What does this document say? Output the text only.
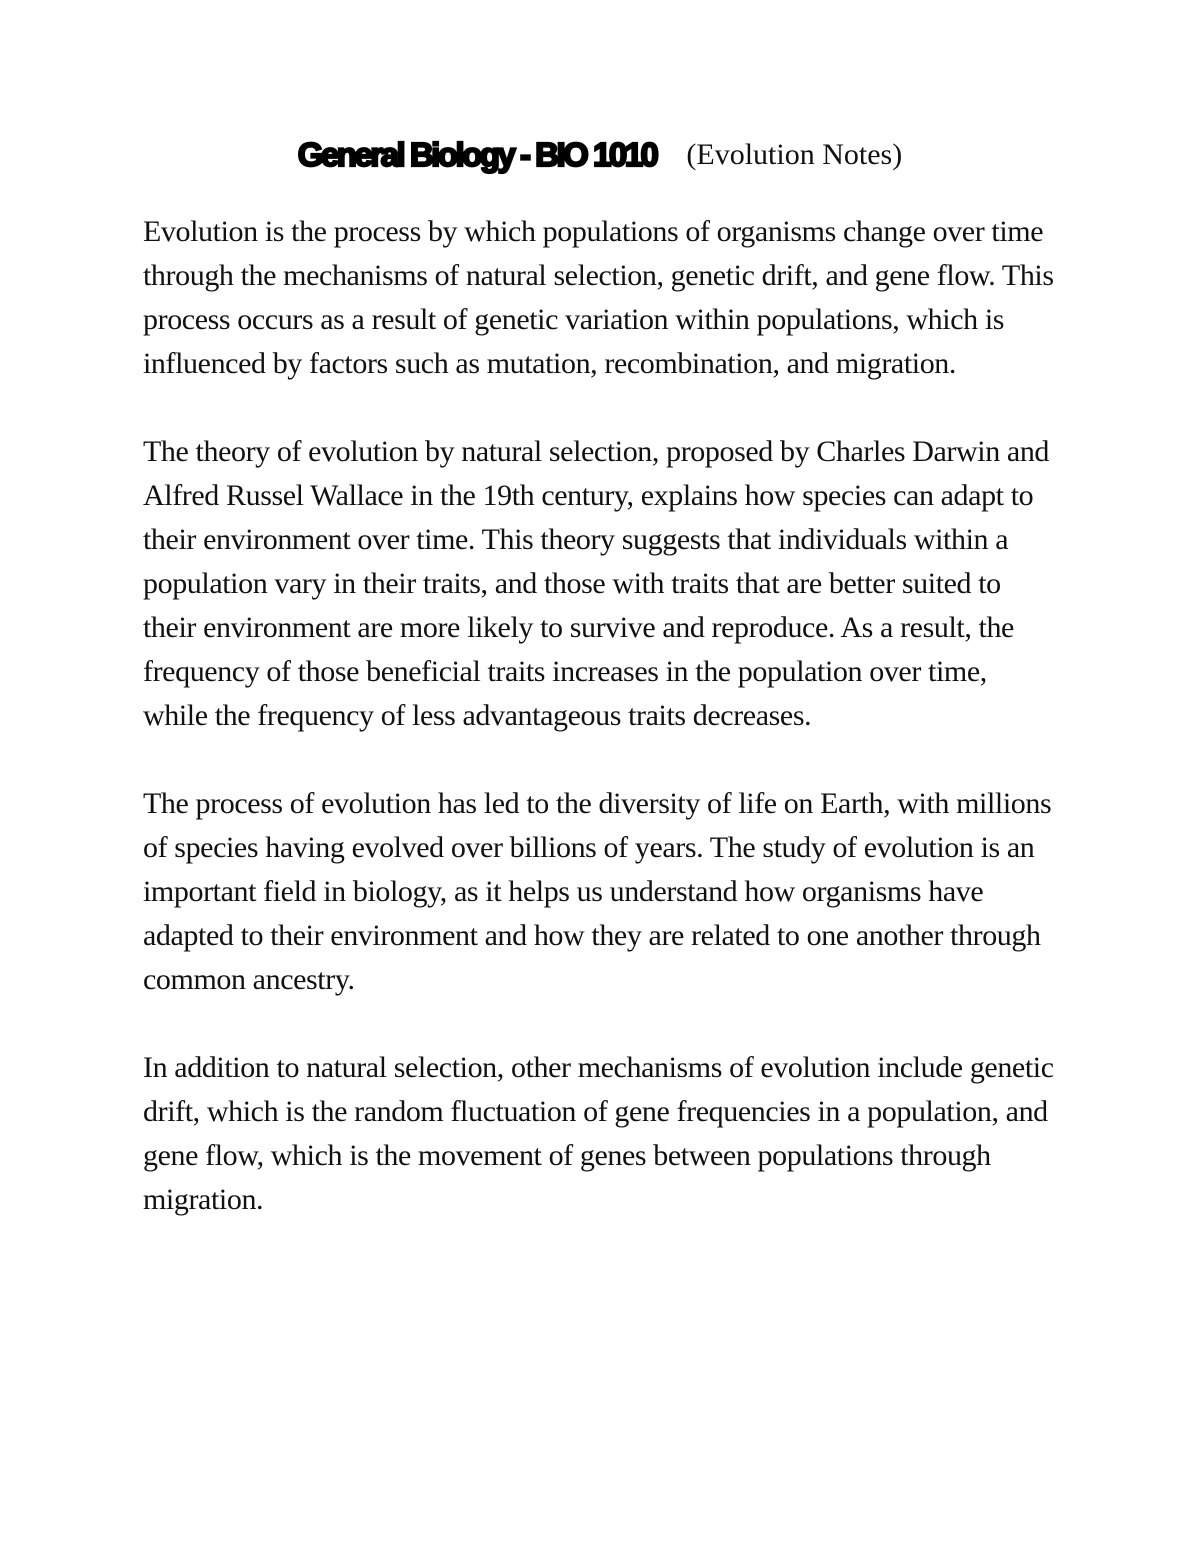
General Biology - BIO 1010 (Evolution Notes)

Evolution is the process by which populations of organisms change over time through the mechanisms of natural selection, genetic drift, and gene flow. This process occurs as a result of genetic variation within populations, which is influenced by factors such as mutation, recombination, and migration.

The theory of evolution by natural selection, proposed by Charles Darwin and Alfred Russel Wallace in the 19th century, explains how species can adapt to their environment over time. This theory suggests that individuals within a population vary in their traits, and those with traits that are better suited to their environment are more likely to survive and reproduce. As a result, the frequency of those beneficial traits increases in the population over time, while the frequency of less advantageous traits decreases.

The process of evolution has led to the diversity of life on Earth, with millions of species having evolved over billions of years. The study of evolution is an important field in biology, as it helps us understand how organisms have adapted to their environment and how they are related to one another through common ancestry.

In addition to natural selection, other mechanisms of evolution include genetic drift, which is the random fluctuation of gene frequencies in a population, and gene flow, which is the movement of genes between populations through migration.
